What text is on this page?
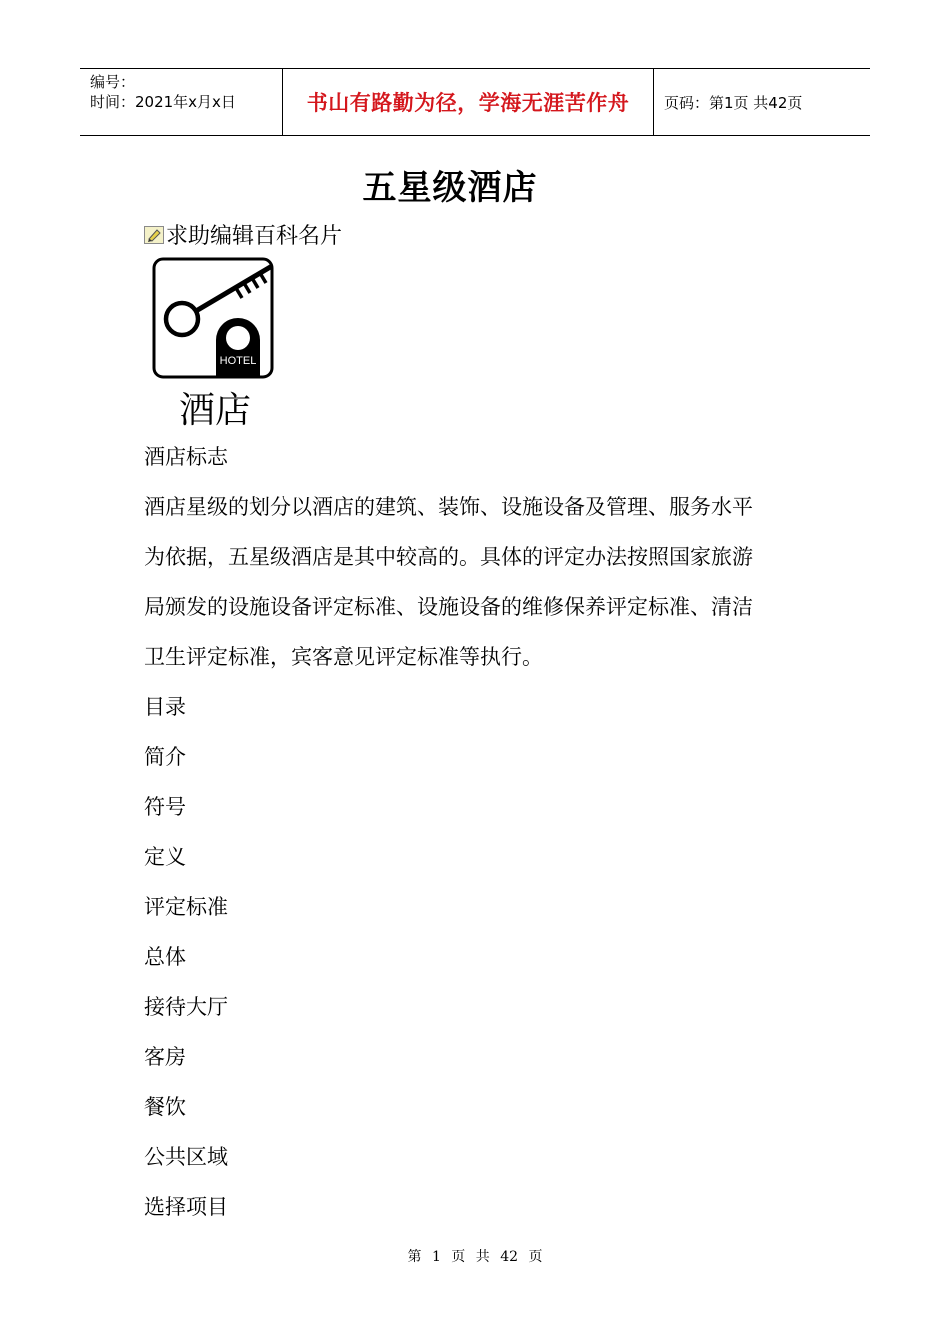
编号：
时间：2021年x月x日	书山有路勤为径，学海无涯苦作舟 页码：第1页 共42页
五星级酒店
求助编辑百科名片
HOTEL
酒店
酒店标志
酒店星级的划分以酒店的建筑、装饰、设施设备及管理、服务水平
为依据，五星级酒店是其中较高的。具体的评定办法按照国家旅游
局颁发的设施设备评定标准、设施设备的维修保养评定标准、清洁
卫生评定标准，宾客意见评定标准等执行。
目录
简介
符号
定义
评定标准
总体
接待大厅
客房
餐饮
公共区域
选择项目
第 1 页 共 42 页
